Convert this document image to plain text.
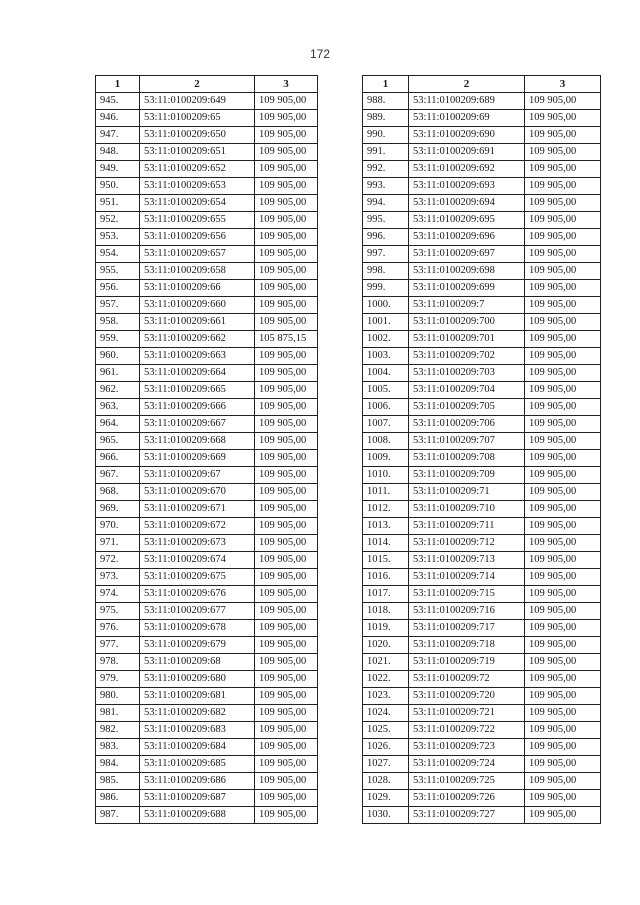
172
1	2	3
945.	53:11:0100209:649	109 905,00
946.	53:11:0100209:65	109 905,00
947.	53:11:0100209:650	109 905,00
948.	53:11:0100209:651	109 905,00
949.	53:11:0100209:652	109 905,00
950.	53:11:0100209:653	109 905,00
951.	53:11:0100209:654	109 905,00
952.	53:11:0100209:655	109 905,00
953.	53:11:0100209:656	109 905,00
954.	53:11:0100209:657	109 905,00
955.	53:11:0100209:658	109 905,00
956.	53:11:0100209:66	109 905,00
957.	53:11:0100209:660	109 905,00
958.	53:11:0100209:661	109 905,00
959.	53:11:0100209:662	105 875,15
960.	53:11:0100209:663	109 905,00
961.	53:11:0100209:664	109 905,00
962.	53:11:0100209:665	109 905,00
963.	53:11:0100209:666	109 905,00
964.	53:11:0100209:667	109 905,00
965.	53:11:0100209:668	109 905,00
966.	53:11:0100209:669	109 905,00
967.	53:11:0100209:67	109 905,00
968.	53:11:0100209:670	109 905,00
969.	53:11:0100209:671	109 905,00
970.	53:11:0100209:672	109 905,00
971.	53:11:0100209:673	109 905,00
972.	53:11:0100209:674	109 905,00
973.	53:11:0100209:675	109 905,00
974.	53:11:0100209:676	109 905,00
975.	53:11:0100209:677	109 905,00
976.	53:11:0100209:678	109 905,00
977.	53:11:0100209:679	109 905,00
978.	53:11:0100209:68	109 905,00
979.	53:11:0100209:680	109 905,00
980.	53:11:0100209:681	109 905,00
981.	53:11:0100209:682	109 905,00
982.	53:11:0100209:683	109 905,00
983.	53:11:0100209:684	109 905,00
984.	53:11:0100209:685	109 905,00
985.	53:11:0100209:686	109 905,00
986.	53:11:0100209:687	109 905,00
987.	53:11:0100209:688	109 905,00
1	2	3
988.	53:11:0100209:689	109 905,00
989.	53:11:0100209:69	109 905,00
990.	53:11:0100209:690	109 905,00
991.	53:11:0100209:691	109 905,00
992.	53:11:0100209:692	109 905,00
993.	53:11:0100209:693	109 905,00
994.	53:11:0100209:694	109 905,00
995.	53:11:0100209:695	109 905,00
996.	53:11:0100209:696	109 905,00
997.	53:11:0100209:697	109 905,00
998.	53:11:0100209:698	109 905,00
999.	53:11:0100209:699	109 905,00
1000.	53:11:0100209:7	109 905,00
1001.	53:11:0100209:700	109 905,00
1002.	53:11:0100209:701	109 905,00
1003.	53:11:0100209:702	109 905,00
1004.	53:11:0100209:703	109 905,00
1005.	53:11:0100209:704	109 905,00
1006.	53:11:0100209:705	109 905,00
1007.	53:11:0100209:706	109 905,00
1008.	53:11:0100209:707	109 905,00
1009.	53:11:0100209:708	109 905,00
1010.	53:11:0100209:709	109 905,00
1011.	53:11:0100209:71	109 905,00
1012.	53:11:0100209:710	109 905,00
1013.	53:11:0100209:711	109 905,00
1014.	53:11:0100209:712	109 905,00
1015.	53:11:0100209:713	109 905,00
1016.	53:11:0100209:714	109 905,00
1017.	53:11:0100209:715	109 905,00
1018.	53:11:0100209:716	109 905,00
1019.	53:11:0100209:717	109 905,00
1020.	53:11:0100209:718	109 905,00
1021.	53:11:0100209:719	109 905,00
1022.	53:11:0100209:72	109 905,00
1023.	53:11:0100209:720	109 905,00
1024.	53:11:0100209:721	109 905,00
1025.	53:11:0100209:722	109 905,00
1026.	53:11:0100209:723	109 905,00
1027.	53:11:0100209:724	109 905,00
1028.	53:11:0100209:725	109 905,00
1029.	53:11:0100209:726	109 905,00
1030.	53:11:0100209:727	109 905,00
